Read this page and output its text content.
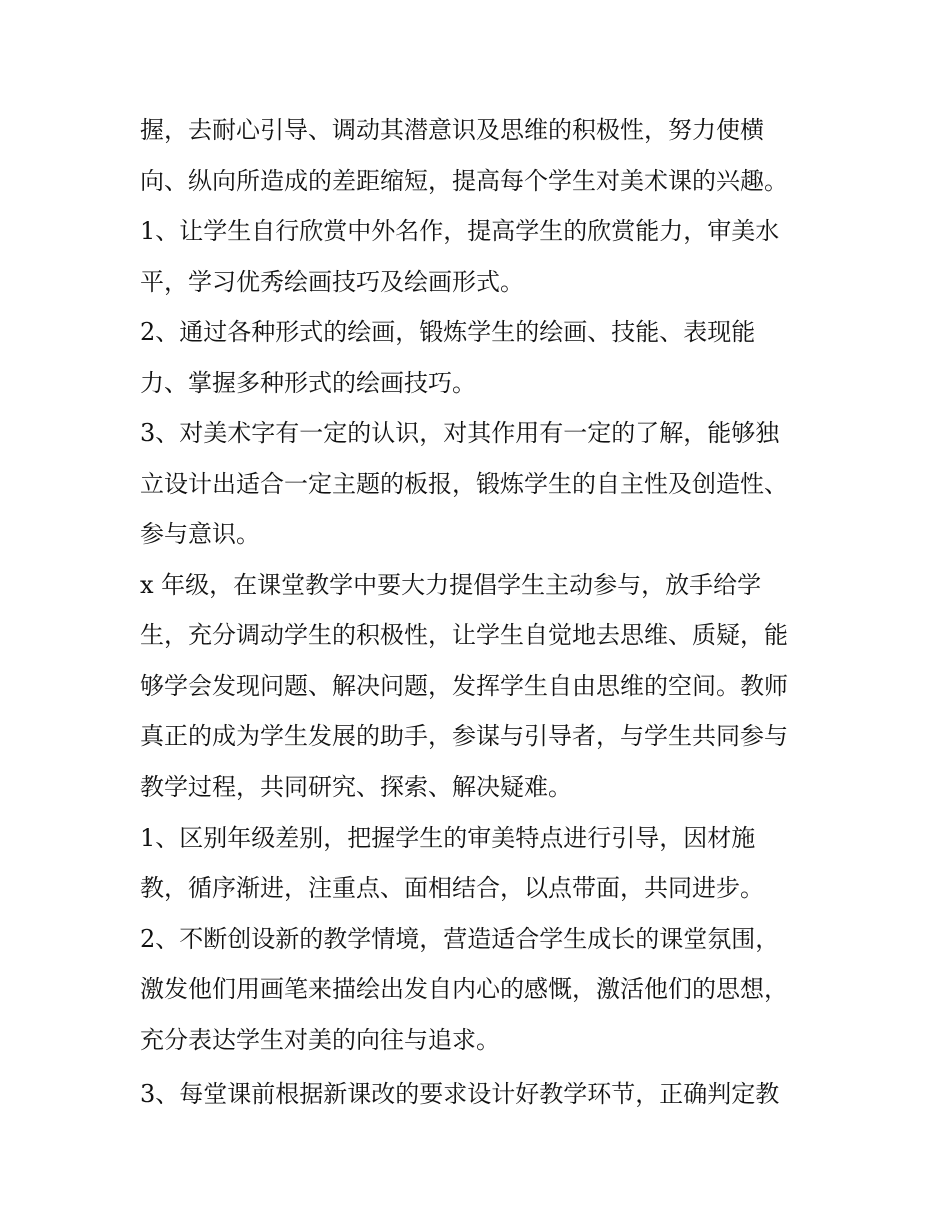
握，去耐心引导、调动其潜意识及思维的积极性，努力使横
向、纵向所造成的差距缩短，提高每个学生对美术课的兴趣。
1、让学生自行欣赏中外名作，提高学生的欣赏能力，审美水
平，学习优秀绘画技巧及绘画形式。
2、通过各种形式的绘画，锻炼学生的绘画、技能、表现能
力、掌握多种形式的绘画技巧。
3、对美术字有一定的认识，对其作用有一定的了解，能够独
立设计出适合一定主题的板报，锻炼学生的自主性及创造性、
参与意识。
x 年级，在课堂教学中要大力提倡学生主动参与，放手给学
生，充分调动学生的积极性，让学生自觉地去思维、质疑，能
够学会发现问题、解决问题，发挥学生自由思维的空间。教师
真正的成为学生发展的助手，参谋与引导者，与学生共同参与
教学过程，共同研究、探索、解决疑难。
1、区别年级差别，把握学生的审美特点进行引导，因材施
教，循序渐进，注重点、面相结合，以点带面，共同进步。
2、不断创设新的教学情境，营造适合学生成长的课堂氛围，
激发他们用画笔来描绘出发自内心的感慨，激活他们的思想，
充分表达学生对美的向往与追求。
3、每堂课前根据新课改的要求设计好教学环节，正确判定教
